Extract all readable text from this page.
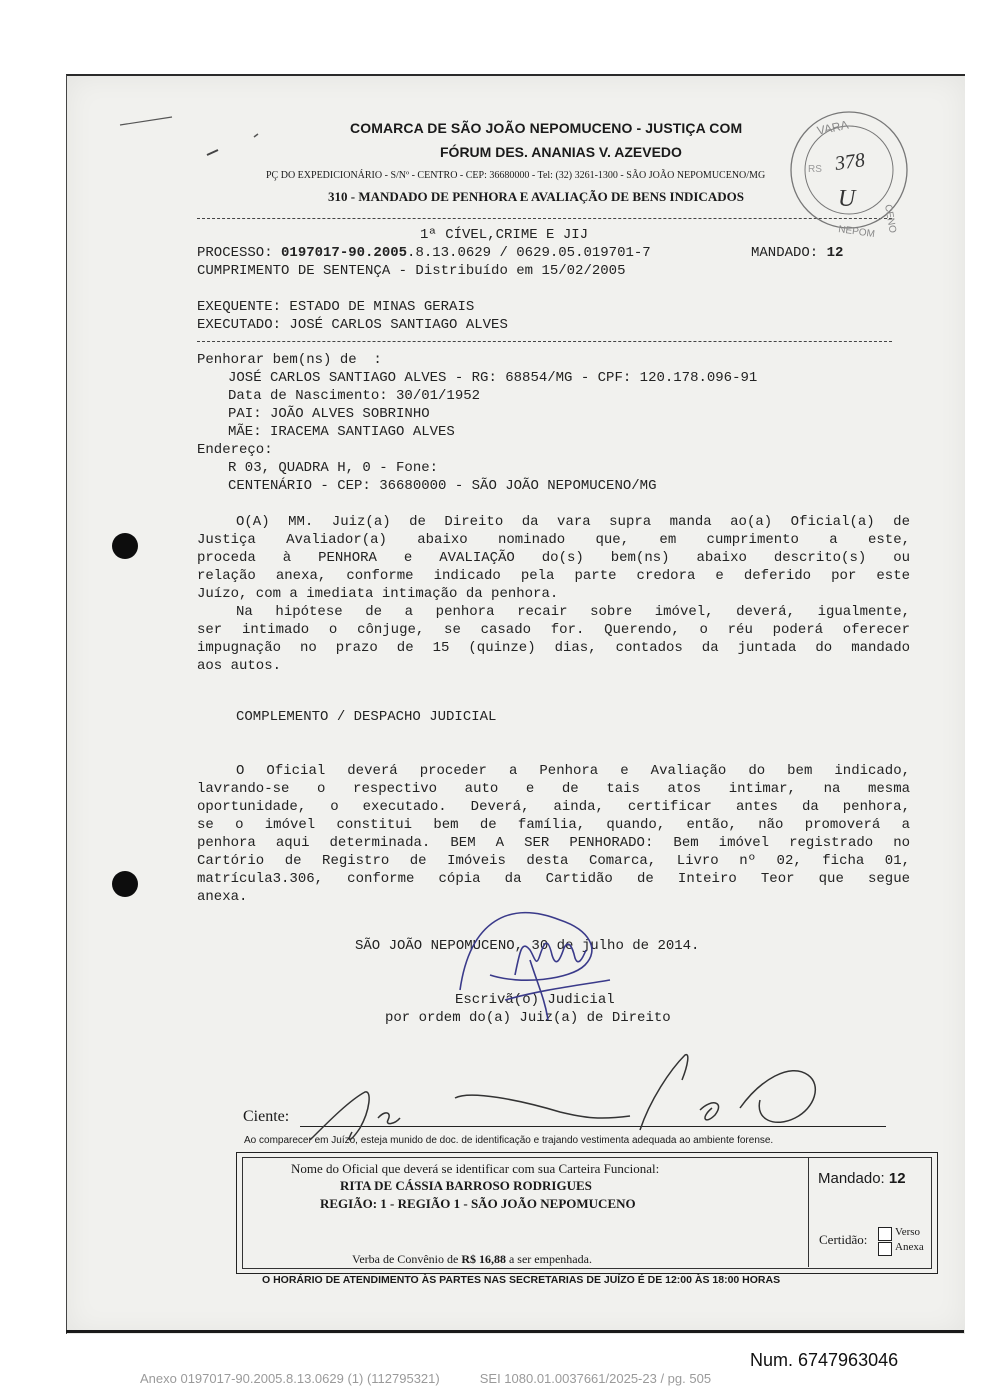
COMARCA DE SÃO JOÃO NEPOMUCENO - JUSTIÇA COM
FÓRUM DES. ANANIAS V. AZEVEDO
PÇ DO EXPEDICIONÁRIO - S/Nº - CENTRO - CEP: 36680000 - Tel: (32) 3261-1300 - SÃO JOÃO NEPOMUCENO/MG
310 - MANDADO DE PENHORA E AVALIAÇÃO DE BENS INDICADOS
1ª CÍVEL,CRIME E JIJ
PROCESSO: 0197017-90.2005.8.13.0629 / 0629.05.019701-7	MANDADO: 12
CUMPRIMENTO DE SENTENÇA - Distribuído em 15/02/2005
EXEQUENTE: ESTADO DE MINAS GERAIS
EXECUTADO: JOSÉ CARLOS SANTIAGO ALVES
Penhorar bem(ns) de  :
JOSÉ CARLOS SANTIAGO ALVES - RG: 68854/MG - CPF: 120.178.096-91
Data de Nascimento: 30/01/1952
PAI: JOÃO ALVES SOBRINHO
MÃE: IRACEMA SANTIAGO ALVES
Endereço:
R 03, QUADRA H, 0 - Fone:
CENTENÁRIO - CEP: 36680000 - SÃO JOÃO NEPOMUCENO/MG
O(A) MM. Juiz(a) de Direito da vara supra manda ao(a) Oficial(a) de
Justiça Avaliador(a) abaixo nominado que, em cumprimento a este,
proceda à PENHORA e AVALIAÇÃO do(s) bem(ns) abaixo descrito(s) ou
relação anexa, conforme indicado pela parte credora e deferido por este
Juízo, com a imediata intimação da penhora.
Na hipótese de a penhora recair sobre imóvel, deverá, igualmente,
ser intimado o cônjuge, se casado for. Querendo, o réu poderá oferecer
impugnação no prazo de 15 (quinze) dias, contados da juntada do mandado
aos autos.
COMPLEMENTO / DESPACHO JUDICIAL
O Oficial deverá proceder a Penhora e Avaliação do bem indicado,
lavrando-se o respectivo auto e de tais atos intimar, na mesma
oportunidade, o executado. Deverá, ainda, certificar antes da penhora,
se o imóvel constitui bem de família, quando, então, não promoverá a
penhora aqui determinada. BEM A SER PENHORADO: Bem imóvel registrado no
Cartório de Registro de Imóveis desta Comarca, Livro nº 02, ficha 01,
matrícula3.306, conforme cópia da Cartidão de Inteiro Teor que segue
anexa.
SÃO JOÃO NEPOMUCENO, 30 de julho de 2014.
Escrivã(o) Judicial
por ordem do(a) Juiz(a) de Direito
Ciente:
Ao comparecer em Juízo, esteja munido de doc. de identificação e trajando vestimenta adequada ao ambiente forense.
Nome do Oficial que deverá se identificar com sua Carteira Funcional:
RITA DE CÁSSIA BARROSO RODRIGUES
REGIÃO: 1 - REGIÃO 1 - SÃO JOÃO NEPOMUCENO
Verba de Convênio de R$ 16,88 a ser empenhada.
Mandado: 12
Certidão:	Verso
Anexa
O HORÁRIO DE ATENDIMENTO ÀS PARTES NAS SECRETARIAS DE JUÍZO É DE 12:00 ÀS 18:00 HORAS
Num. 6747963046
Anexo 0197017-90.2005.8.13.0629 (1) (112795321)	SEI 1080.01.0037661/2025-23 / pg. 505
VARA
CENO
NEPOM
RS 378
U
